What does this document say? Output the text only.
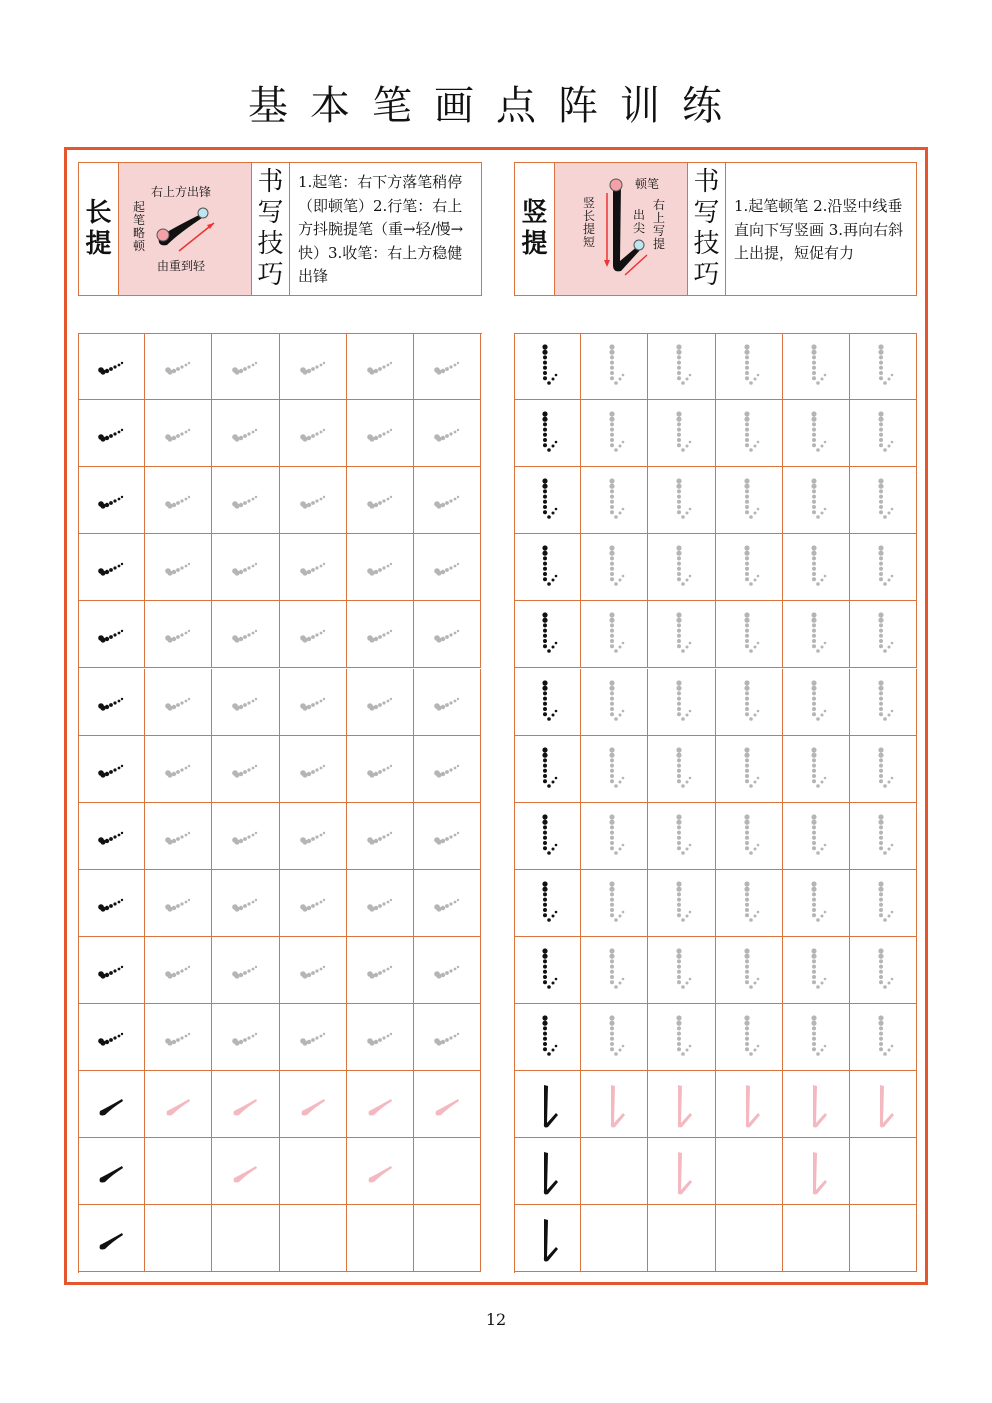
基本笔画点阵训练
长
提
右上方出锋
起笔略顿
由重到轻
书
写
技
巧
1.起笔：右下方落笔稍停（即顿笔）2.行笔：右上方抖腕提笔（重→轻/慢→快）3.收笔：右上方稳健出锋
竖
提
顿笔
竖长提短
出尖
右上写提
书
写
技
巧
1.起笔顿笔 2.沿竖中线垂直向下写竖画 3.再向右斜上出提，短促有力
12
